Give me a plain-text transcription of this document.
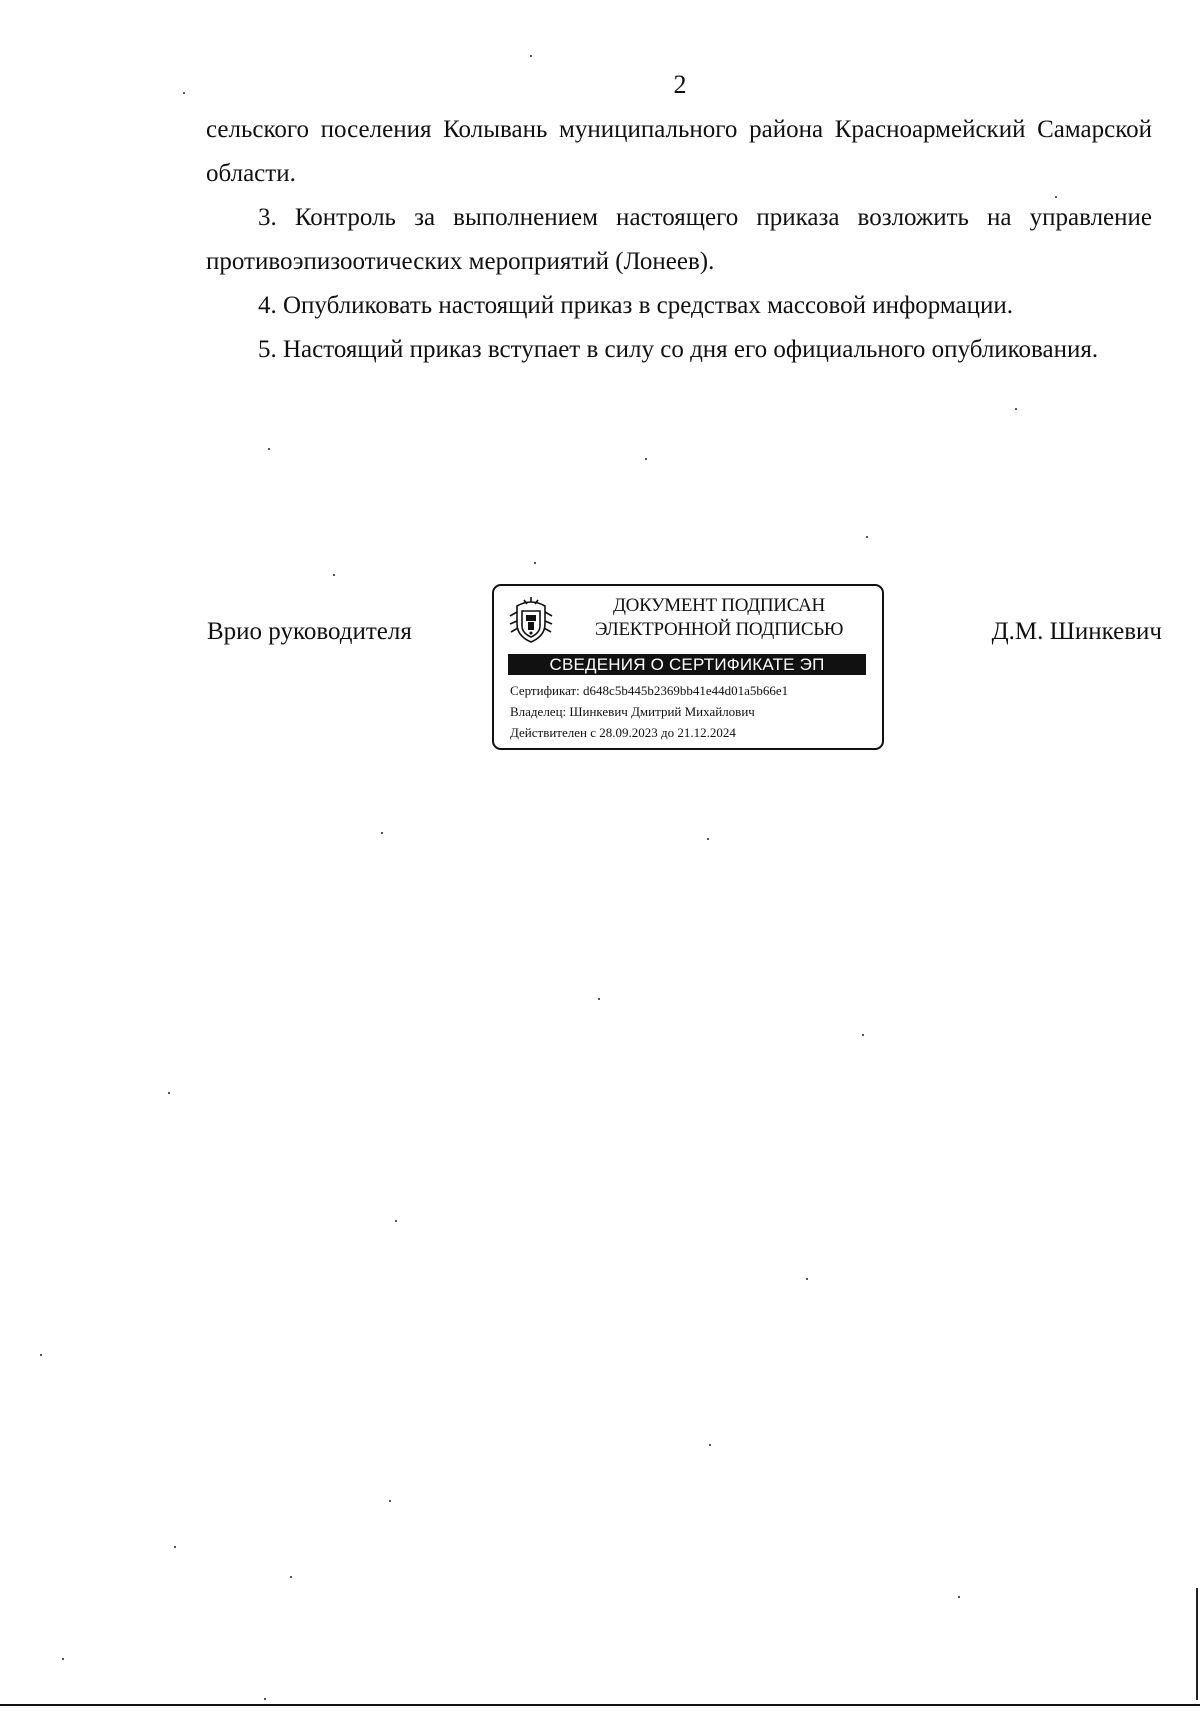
2

сельского поселения Колывань муниципального района Красноармейский Самарской области.

3. Контроль за выполнением настоящего приказа возложить на управление противоэпизоотических мероприятий (Лонеев).

4. Опубликовать настоящий приказ в средствах массовой информации.

5. Настоящий приказ вступает в силу со дня его официального опубликования.

Врио руководителя
ДОКУМЕНТ ПОДПИСАН
ЭЛЕКТРОННОЙ ПОДПИСЬЮ
СВЕДЕНИЯ О СЕРТИФИКАТЕ ЭП
Сертификат: d648c5b445b2369bb41e44d01a5b66e1
Владелец: Шинкевич Дмитрий Михайлович
Действителен с 28.09.2023 до 21.12.2024
Д.М. Шинкевич
